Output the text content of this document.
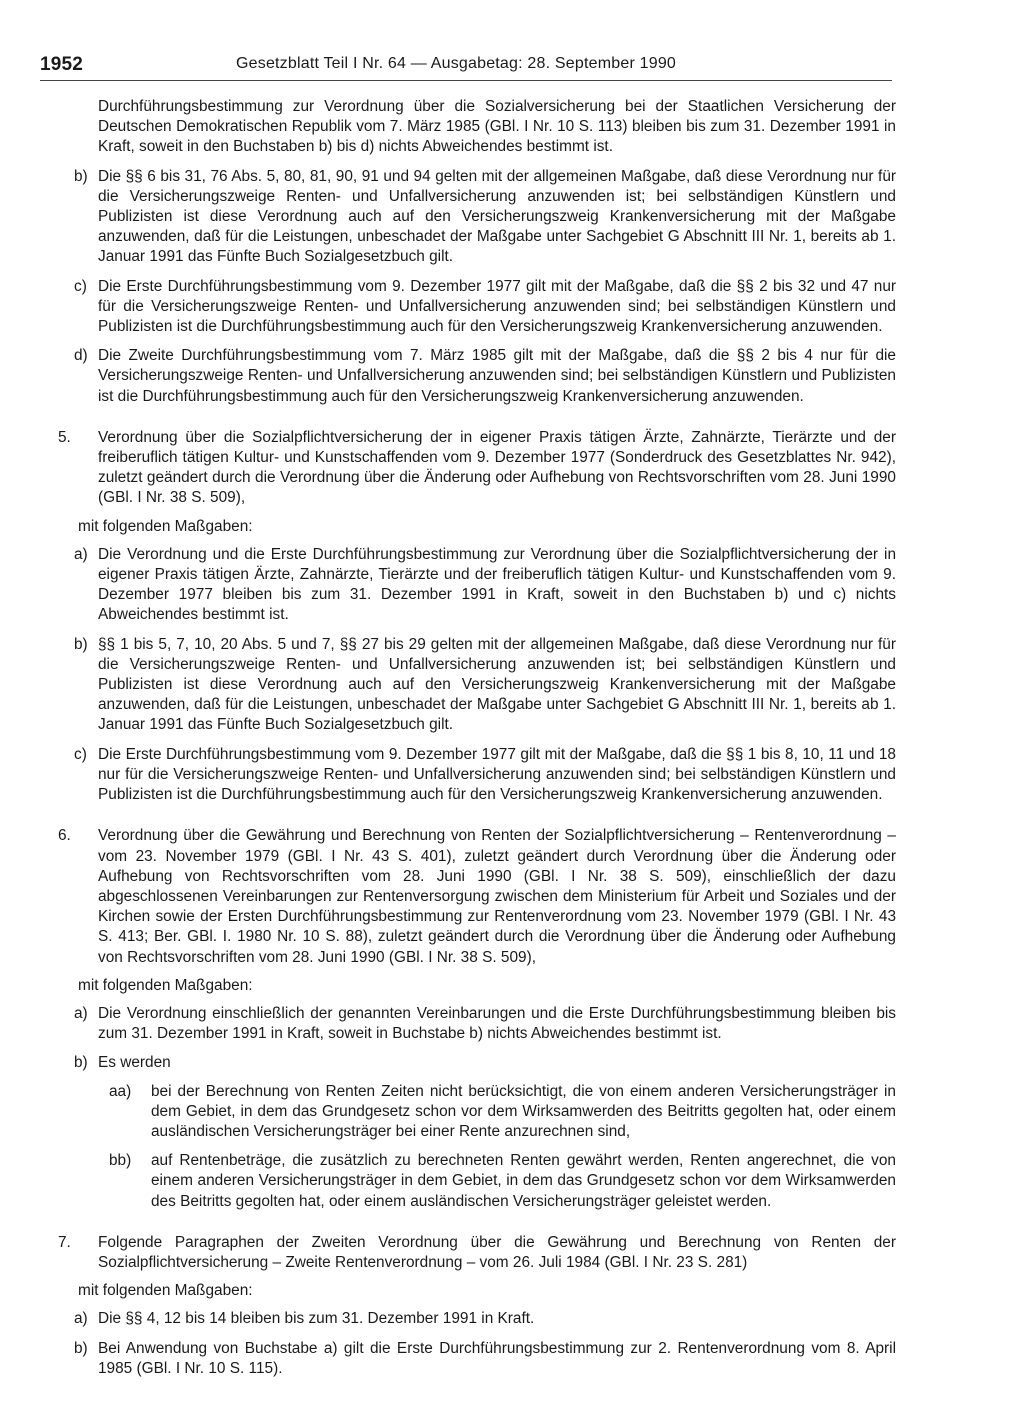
1952	Gesetzblatt Teil I Nr. 64 — Ausgabetag: 28. September 1990

Durchführungsbestimmung zur Verordnung über die Sozialversicherung bei der Staatlichen Versicherung der Deutschen Demokratischen Republik vom 7. März 1985 (GBl. I Nr. 10 S. 113) bleiben bis zum 31. Dezember 1991 in Kraft, soweit in den Buchstaben b) bis d) nichts Abweichendes bestimmt ist.

b) Die §§ 6 bis 31, 76 Abs. 5, 80, 81, 90, 91 und 94 gelten mit der allgemeinen Maßgabe, daß diese Verordnung nur für die Versicherungszweige Renten- und Unfallversicherung anzuwenden ist; bei selbständigen Künstlern und Publizisten ist diese Verordnung auch auf den Versicherungszweig Krankenversicherung mit der Maßgabe anzuwenden, daß für die Leistungen, unbeschadet der Maßgabe unter Sachgebiet G Abschnitt III Nr. 1, bereits ab 1. Januar 1991 das Fünfte Buch Sozialgesetzbuch gilt.

c) Die Erste Durchführungsbestimmung vom 9. Dezember 1977 gilt mit der Maßgabe, daß die §§ 2 bis 32 und 47 nur für die Versicherungszweige Renten- und Unfallversicherung anzuwenden sind; bei selbständigen Künstlern und Publizisten ist die Durchführungsbestimmung auch für den Versicherungszweig Krankenversicherung anzuwenden.

d) Die Zweite Durchführungsbestimmung vom 7. März 1985 gilt mit der Maßgabe, daß die §§ 2 bis 4 nur für die Versicherungszweige Renten- und Unfallversicherung anzuwenden sind; bei selbständigen Künstlern und Publizisten ist die Durchführungsbestimmung auch für den Versicherungszweig Krankenversicherung anzuwenden.

5. Verordnung über die Sozialpflichtversicherung der in eigener Praxis tätigen Ärzte, Zahnärzte, Tierärzte und der freiberuflich tätigen Kultur- und Kunstschaffenden vom 9. Dezember 1977 (Sonderdruck des Gesetzblattes Nr. 942), zuletzt geändert durch die Verordnung über die Änderung oder Aufhebung von Rechtsvorschriften vom 28. Juni 1990 (GBl. I Nr. 38 S. 509),

mit folgenden Maßgaben:

a) Die Verordnung und die Erste Durchführungsbestimmung zur Verordnung über die Sozialpflichtversicherung der in eigener Praxis tätigen Ärzte, Zahnärzte, Tierärzte und der freiberuflich tätigen Kultur- und Kunstschaffenden vom 9. Dezember 1977 bleiben bis zum 31. Dezember 1991 in Kraft, soweit in den Buchstaben b) und c) nichts Abweichendes bestimmt ist.

b) §§ 1 bis 5, 7, 10, 20 Abs. 5 und 7, §§ 27 bis 29 gelten mit der allgemeinen Maßgabe, daß diese Verordnung nur für die Versicherungszweige Renten- und Unfallversicherung anzuwenden ist; bei selbständigen Künstlern und Publizisten ist diese Verordnung auch auf den Versicherungszweig Krankenversicherung mit der Maßgabe anzuwenden, daß für die Leistungen, unbeschadet der Maßgabe unter Sachgebiet G Abschnitt III Nr. 1, bereits ab 1. Januar 1991 das Fünfte Buch Sozialgesetzbuch gilt.

c) Die Erste Durchführungsbestimmung vom 9. Dezember 1977 gilt mit der Maßgabe, daß die §§ 1 bis 8, 10, 11 und 18 nur für die Versicherungszweige Renten- und Unfallversicherung anzuwenden sind; bei selbständigen Künstlern und Publizisten ist die Durchführungsbestimmung auch für den Versicherungszweig Krankenversicherung anzuwenden.

6. Verordnung über die Gewährung und Berechnung von Renten der Sozialpflichtversicherung – Rentenverordnung – vom 23. November 1979 (GBl. I Nr. 43 S. 401), zuletzt geändert durch Verordnung über die Änderung oder Aufhebung von Rechtsvorschriften vom 28. Juni 1990 (GBl. I Nr. 38 S. 509), einschließlich der dazu abgeschlossenen Vereinbarungen zur Rentenversorgung zwischen dem Ministerium für Arbeit und Soziales und der Kirchen sowie der Ersten Durchführungsbestimmung zur Rentenverordnung vom 23. November 1979 (GBl. I Nr. 43 S. 413; Ber. GBl. I. 1980 Nr. 10 S. 88), zuletzt geändert durch die Verordnung über die Änderung oder Aufhebung von Rechtsvorschriften vom 28. Juni 1990 (GBl. I Nr. 38 S. 509),

mit folgenden Maßgaben:

a) Die Verordnung einschließlich der genannten Vereinbarungen und die Erste Durchführungsbestimmung bleiben bis zum 31. Dezember 1991 in Kraft, soweit in Buchstabe b) nichts Abweichendes bestimmt ist.

b) Es werden

aa) bei der Berechnung von Renten Zeiten nicht berücksichtigt, die von einem anderen Versicherungsträger in dem Gebiet, in dem das Grundgesetz schon vor dem Wirksamwerden des Beitritts gegolten hat, oder einem ausländischen Versicherungsträger bei einer Rente anzurechnen sind,

bb) auf Rentenbeträge, die zusätzlich zu berechneten Renten gewährt werden, Renten angerechnet, die von einem anderen Versicherungsträger in dem Gebiet, in dem das Grundgesetz schon vor dem Wirksamwerden des Beitritts gegolten hat, oder einem ausländischen Versicherungsträger geleistet werden.

7. Folgende Paragraphen der Zweiten Verordnung über die Gewährung und Berechnung von Renten der Sozialpflichtversicherung – Zweite Rentenverordnung – vom 26. Juli 1984 (GBl. I Nr. 23 S. 281)

mit folgenden Maßgaben:

a) Die §§ 4, 12 bis 14 bleiben bis zum 31. Dezember 1991 in Kraft.

b) Bei Anwendung von Buchstabe a) gilt die Erste Durchführungsbestimmung zur 2. Rentenverordnung vom 8. April 1985 (GBl. I Nr. 10 S. 115).
